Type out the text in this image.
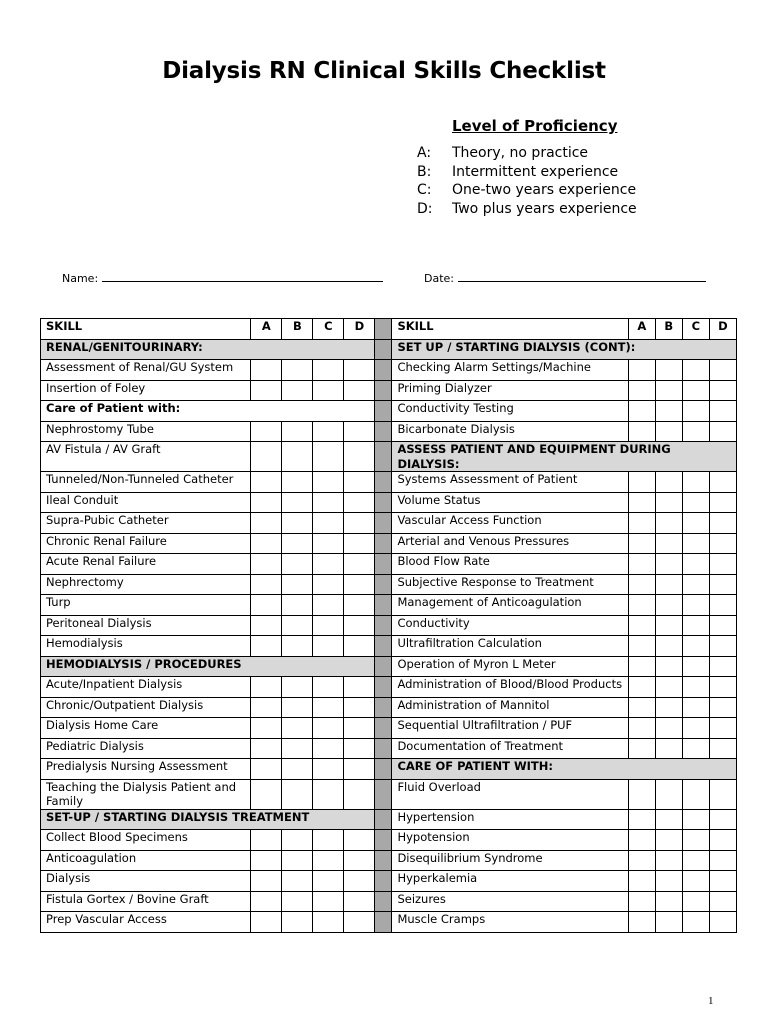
Dialysis RN Clinical Skills Checklist
Level of Proficiency
A: Theory, no practice
B: Intermittent experience
C: One-two years experience
D: Two plus years experience
Name:	Date:
SKILL	A	B	C	D		SKILL	A	B	C	D
RENAL/GENITOURINARY:						SET UP / STARTING DIALYSIS (CONT):				
Assessment of Renal/GU System						Checking Alarm Settings/Machine				
Insertion of Foley						Priming Dialyzer				
Care of Patient with:						Conductivity Testing				
Nephrostomy Tube						Bicarbonate Dialysis				
AV Fistula / AV Graft						ASSESS PATIENT AND EQUIPMENT DURING DIALYSIS:				
Tunneled/Non-Tunneled Catheter						Systems Assessment of Patient				
Ileal Conduit						Volume Status				
Supra-Pubic Catheter						Vascular Access Function				
Chronic Renal Failure						Arterial and Venous Pressures				
Acute Renal Failure						Blood Flow Rate				
Nephrectomy						Subjective Response to Treatment				
Turp						Management of Anticoagulation				
Peritoneal Dialysis						Conductivity				
Hemodialysis						Ultrafiltration Calculation				
HEMODIALYSIS / PROCEDURES						Operation of Myron L Meter				
Acute/Inpatient Dialysis						Administration of Blood/Blood Products				
Chronic/Outpatient Dialysis						Administration of Mannitol				
Dialysis Home Care						Sequential Ultrafiltration / PUF				
Pediatric Dialysis						Documentation of Treatment				
Predialysis Nursing Assessment						CARE OF PATIENT WITH:				
Teaching the Dialysis Patient and Family						Fluid Overload				
SET-UP / STARTING DIALYSIS TREATMENT						Hypertension				
Collect Blood Specimens						Hypotension				
Anticoagulation						Disequilibrium Syndrome				
Dialysis						Hyperkalemia				
Fistula Gortex / Bovine Graft						Seizures				
Prep Vascular Access						Muscle Cramps				
1
